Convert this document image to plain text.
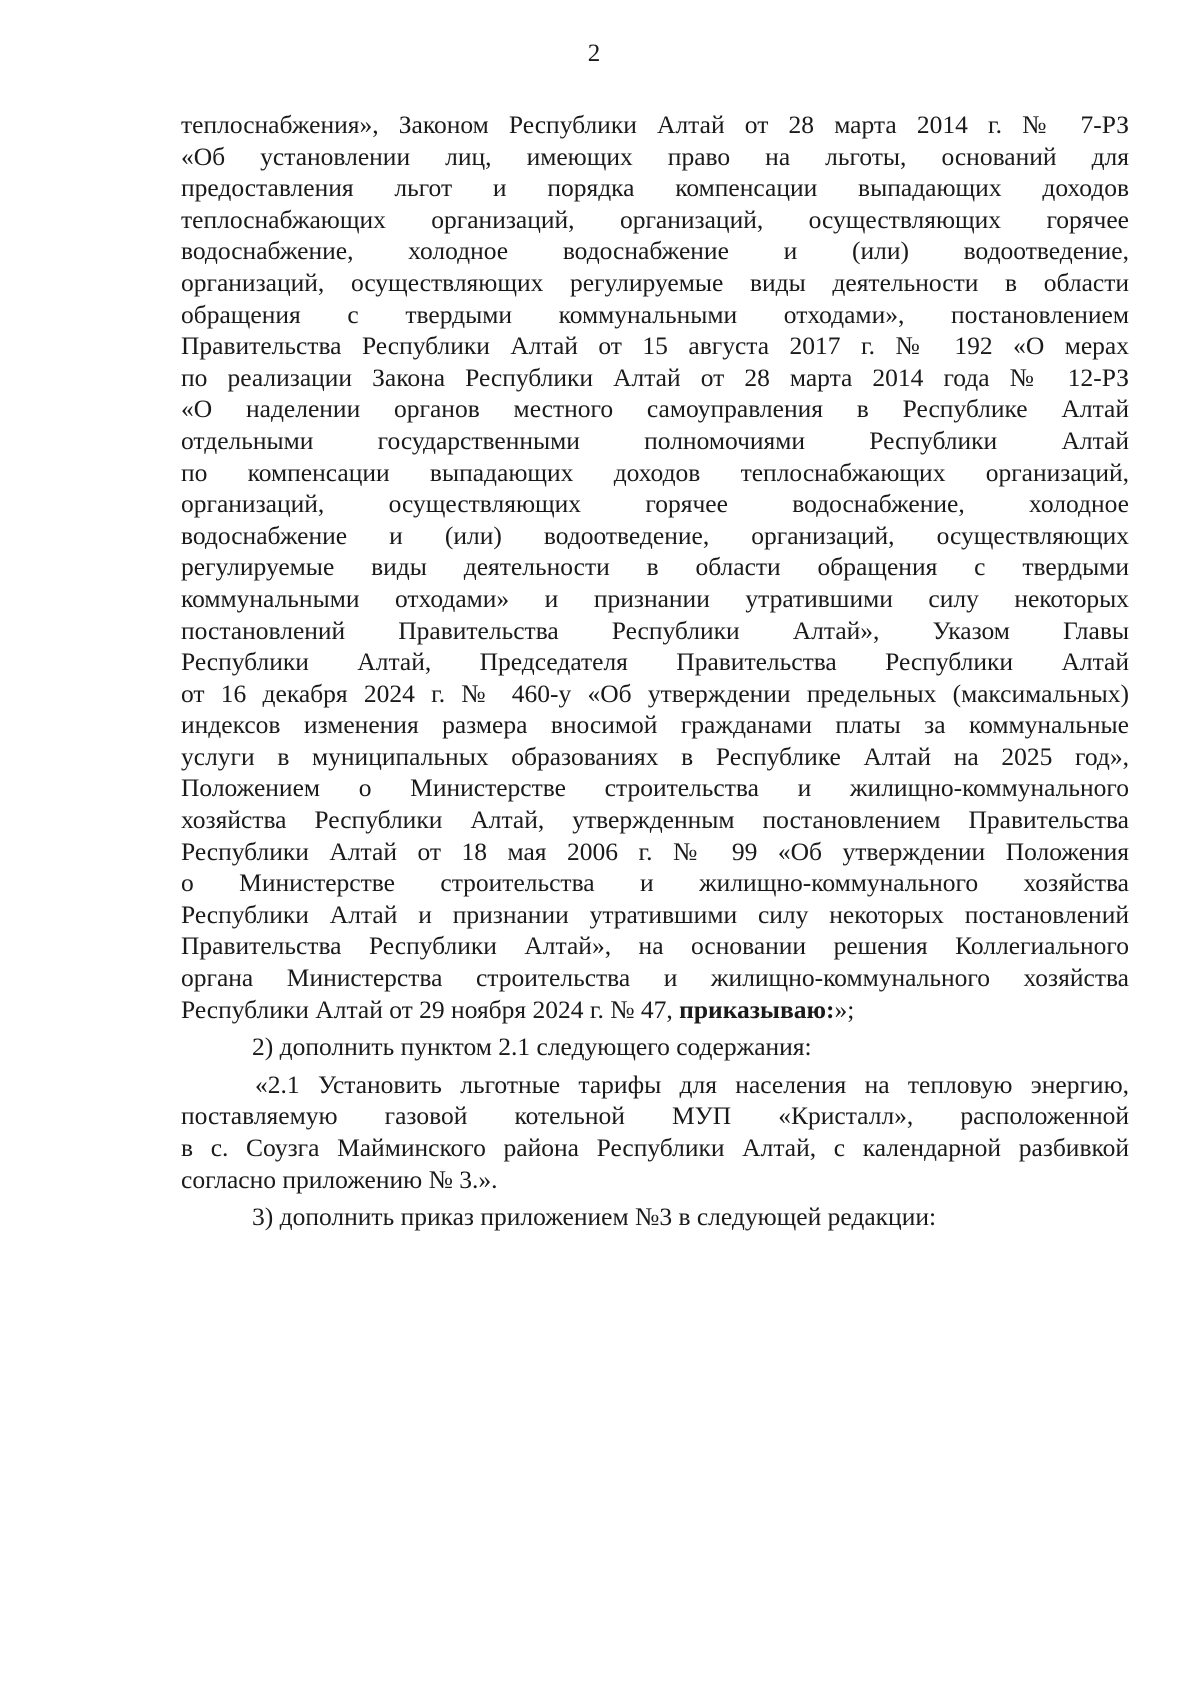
2
теплоснабжения», Законом Республики Алтай от 28 марта 2014 г. № 7-РЗ
«Об установлении лиц, имеющих право на льготы, оснований для
предоставления льгот и порядка компенсации выпадающих доходов
теплоснабжающих организаций, организаций, осуществляющих горячее
водоснабжение, холодное водоснабжение и (или) водоотведение,
организаций, осуществляющих регулируемые виды деятельности в области
обращения с твердыми коммунальными отходами», постановлением
Правительства Республики Алтай от 15 августа 2017 г. № 192 «О мерах
по реализации Закона Республики Алтай от 28 марта 2014 года № 12-РЗ
«О наделении органов местного самоуправления в Республике Алтай
отдельными государственными полномочиями Республики Алтай
по компенсации выпадающих доходов теплоснабжающих организаций,
организаций, осуществляющих горячее водоснабжение, холодное
водоснабжение и (или) водоотведение, организаций, осуществляющих
регулируемые виды деятельности в области обращения с твердыми
коммунальными отходами» и признании утратившими силу некоторых
постановлений Правительства Республики Алтай», Указом Главы
Республики Алтай, Председателя Правительства Республики Алтай
от 16 декабря 2024 г. № 460-у «Об утверждении предельных (максимальных)
индексов изменения размера вносимой гражданами платы за коммунальные
услуги в муниципальных образованиях в Республике Алтай на 2025 год»,
Положением о Министерстве строительства и жилищно-коммунального
хозяйства Республики Алтай, утвержденным постановлением Правительства
Республики Алтай от 18 мая 2006 г. № 99 «Об утверждении Положения
о Министерстве строительства и жилищно-коммунального хозяйства
Республики Алтай и признании утратившими силу некоторых постановлений
Правительства Республики Алтай», на основании решения Коллегиального
органа Министерства строительства и жилищно-коммунального хозяйства
Республики Алтай от 29 ноября 2024 г. № 47, приказываю:»;
2) дополнить пунктом 2.1 следующего содержания:
«2.1 Установить льготные тарифы для населения на тепловую энергию,
поставляемую газовой котельной МУП «Кристалл», расположенной
в с. Соузга Майминского района Республики Алтай, с календарной разбивкой
согласно приложению № 3.».
3) дополнить приказ приложением №3 в следующей редакции:
